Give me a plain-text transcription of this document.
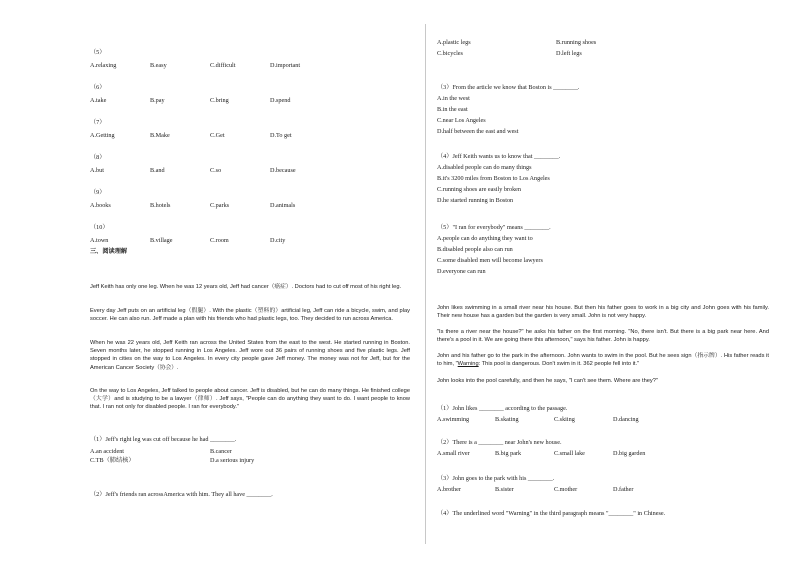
（5）
A.relaxing	B.easy	C.difficult	D.important
（6）
A.take	B.pay	C.bring	D.spend
（7）
A.Getting	B.Make	C.Get	D.To get
（8）
A.but	B.and	C.so	D.because
（9）
A.books	B.hotels	C.parks	D.animals
（10）
A.town	B.village	C.room	D.city
三、阅读理解
Jeff Keith has only one leg. When he was 12 years old, Jeff had cancer（癌症）. Doctors had to cut off most of his right leg.
Every day Jeff puts on an artificial leg（假腿）. With the plastic（塑料的）artificial leg, Jeff can ride a bicycle, swim, and play soccer. He can also run. Jeff made a plan with his friends who had plastic legs, too. They decided to run across America.
When he was 22 years old, Jeff Keith ran across the United States from the east to the west. He started running in Boston. Seven months later, he stopped running in Los Angeles. Jeff wore out 36 pairs of running shoes and five plastic legs. Jeff stopped in cities on the way to Los Angeles. In every city people gave Jeff money. The money was not for Jeff, but for the American Cancer Society（协会）.
On the way to Los Angeles, Jeff talked to people about cancer. Jeff is disabled, but he can do many things. He finished college（大学）and is studying to be a lawyer（律师）. Jeff says, "People can do anything they want to do. I want people to know that. I ran not only for disabled people. I ran for everybody."
（1）Jeff's right leg was cut off because he had ________.
A.an accident	B.cancer
C.TB（肺结核）	D.a serious injury
（2）Jeff's friends ran acrossAmerica with him. They all have ________.
A.plastic legs	B.running shoes
C.bicycles	D.left legs
（3）From the article we know that Boston is ________.
A.in the west
B.in the east
C.near Los Angeles
D.half between the east and west
（4）Jeff Keith wants us to know that ________.
A.disabled people can do many things
B.it's 3200 miles from Boston to Los Angeles
C.running shoes are easily broken
D.he started running in Boston
（5）"I ran for everybody" means ________.
A.people can do anything they want to
B.disabled people also can run
C.some disabled men will become lawyers
D.everyone can run
John likes swimming in a small river near his house. But then his father goes to work in a big city and John goes with his family. Their new house has a garden but the garden is very small. John is not very happy.
"Is there a river near the house?" he asks his father on the first morning. "No, there isn't. But there is a big park near here. And there's a pool in it. We are going there this afternoon," says his father. John is happy.
John and his father go to the park in the afternoon. John wants to swim in the pool. But he sees sign（指示牌）. His father reads it to him, "Warning: This pool is dangerous. Don't swim in it. 362 people fell into it."
John looks into the pool carefully, and then he says, "I can't see them. Where are they?"
（1）John likes ________ according to the passage.
A.swimming	B.skating	C.skiing	D.dancing
（2）There is a ________ near John's new house.
A.small river	B.big park	C.small lake	D.big garden
（3）John goes to the park with his ________.
A.brother	B.sister	C.mother	D.father
（4）The underlined word "Warning" in the third paragraph means "________" in Chinese.
